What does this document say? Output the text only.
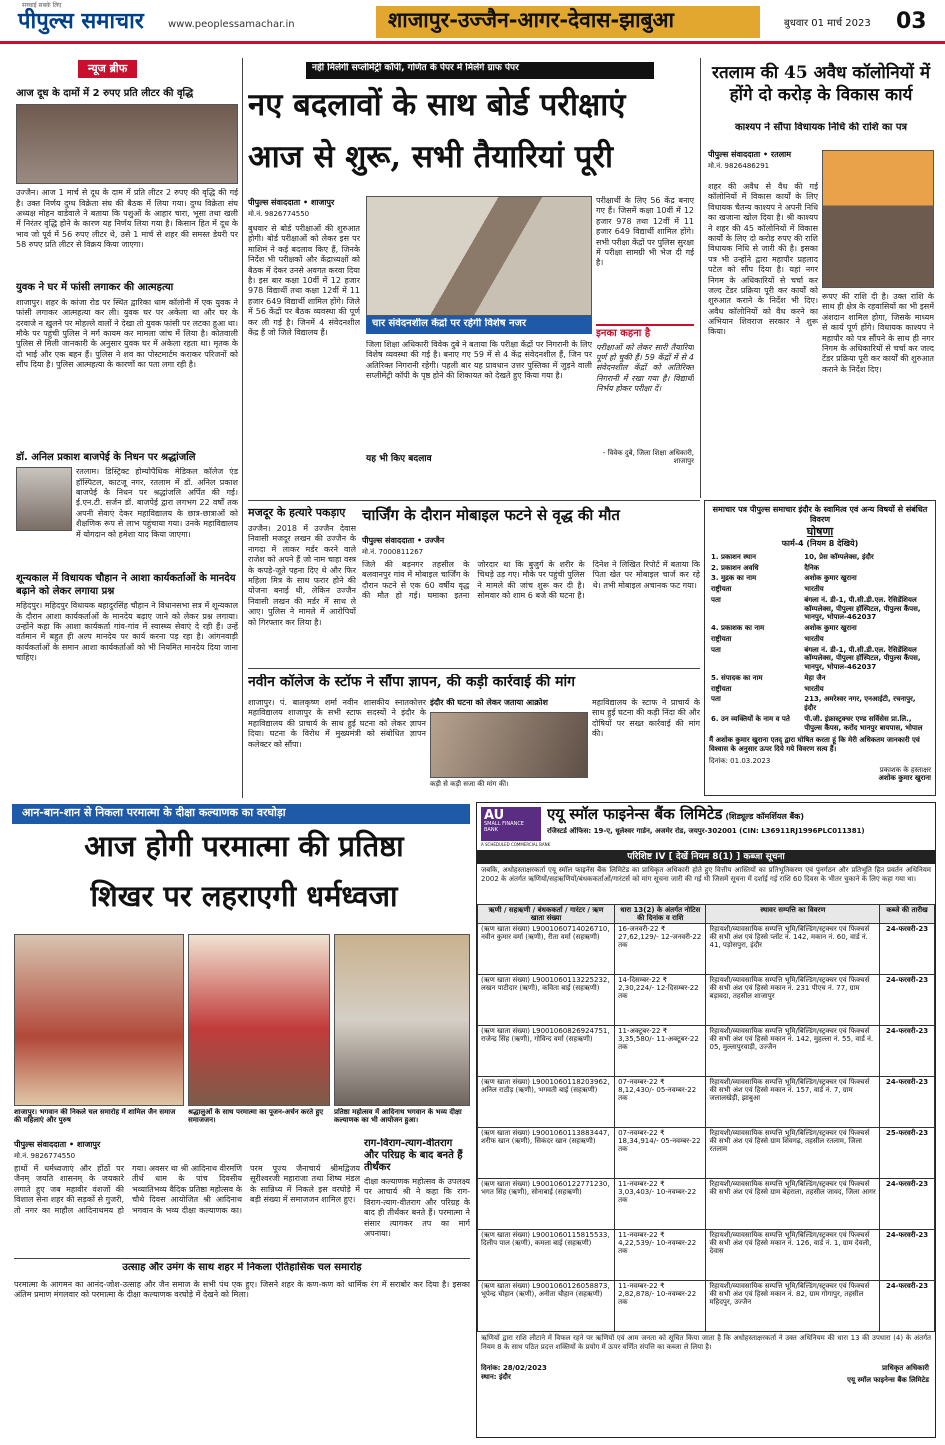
सच्चाई सबके लिए
पीपुल्स समाचार www.peoplessamachar.in	शाजापुर-उज्जैन-आगर-देवास-झाबुआ	बुधवार 01 मार्च 2023 03
न्यूज ब्रीफ
आज दूध के दामों में 2 रुपए प्रति लीटर की वृद्धि
उज्जैन। आज 1 मार्च से दूध के दाम में प्रति लीटर 2 रुपए की वृद्धि की गई है। उक्त निर्णय दुग्ध विक्रेता संघ की बैठक में लिया गया। दुग्ध विक्रेता संघ अध्यक्ष मोहन वाडेवाले ने बताया कि पशुओं के आहार चारा, भूसा तथा खली में निरंतर वृद्धि होने के कारण यह निर्णय लिया गया है। किसान हित में दूध के भाव जो पूर्व में 56 रुपए लीटर थे, उसे 1 मार्च से शहर की समस्त डेयरी पर 58 रुपए प्रति लीटर से विक्रय किया जाएगा।
युवक ने घर में फांसी लगाकर की आत्महत्या
शाजापुर। शहर के कांजा रोड पर स्थित द्वारिका धाम कॉलोनी में एक युवक ने फांसी लगाकर आत्महत्या कर ली। युवक घर पर अकेला था और घर के दरवाजे न खुलने पर मोहल्ले वालों ने देखा तो युवक फांसी पर लटका हुआ था। मौके पर पहुंची पुलिस ने मर्ग कायम कर मामला जांच में लिया है। कोतवाली पुलिस से मिली जानकारी के अनुसार युवक घर में अकेला रहता था। मृतक के दो भाई और एक बहन हैं। पुलिस ने शव का पोस्टमार्टम कराकर परिजनों को सौंप दिया है। पुलिस आत्महत्या के कारणों का पता लगा रही है।
डॉ. अनिल प्रकाश बाजपेई के निधन पर श्रद्धांजलि
रतलाम। डिस्ट्रिक्ट होम्योपैथिक मेडिकल कॉलेज एंड हॉस्पिटल, काटजू नगर, रतलाम में डॉ. अनिल प्रकाश बाजपेई के निधन पर श्रद्धांजलि अर्पित की गई। ई.एन.टी. सर्जन डॉ. बाजपेई द्वारा लगभग 22 वर्षों तक अपनी सेवाएं देकर महाविद्यालय के छात्र-छात्राओं को शैक्षणिक रूप से लाभ पहुंचाया गया। उनके महाविद्यालय में योगदान को हमेशा याद किया जाएगा।
शून्यकाल में विधायक चौहान ने आशा कार्यकर्ताओं के मानदेय बढ़ाने को लेकर लगाया प्रश्न
महिदपुर। महिदपुर विधायक बहादुरसिंह चौहान ने विधानसभा सत्र में शून्यकाल के दौरान आशा कार्यकर्ताओं के मानदेय बढ़ाए जाने को लेकर प्रश्न लगाया। उन्होंने कहा कि आशा कार्यकर्ता गांव-गांव में स्वास्थ्य सेवाएं दे रही हैं। उन्हें वर्तमान में बहुत ही अल्प मानदेय पर कार्य करना पड़ रहा है। आंगनवाड़ी कार्यकर्ताओं के समान आशा कार्यकर्ताओं को भी नियमित मानदेय दिया जाना चाहिए।
नहीं मिलेगी सप्लीमेंट्री कॉपी, गणित के पेपर में मिलेंगे ग्राफ पेपर
नए बदलावों के साथ बोर्ड परीक्षाएं
आज से शुरू, सभी तैयारियां पूरी
पीपुल्स संवाददाता • शाजापुर
मो.नं. 9826774550
बुधवार से बोर्ड परीक्षाओं की शुरुआत होगी। बोर्ड परीक्षाओं को लेकर इस पर माशिमं ने कई बदलाव किए हैं, जिनके निर्देश भी परीक्षकों और केंद्राध्यक्षों को बैठक में देकर उनसे अवगत करवा दिया है। इस बार कक्षा 10वीं में 12 हजार 978 विद्यार्थी तथा कक्षा 12वीं में 11 हजार 649 विद्यार्थी शामिल होंगे। जिले में 56 केंद्रों पर बैठक व्यवस्था की पूर्ण कर ली गई है। जिनमें 4 संवेदनशील केंद्र हैं जो जिले विद्यालय हैं।
चार संवेदनशील केंद्रों पर रहेगी विशेष नजर
जिला शिक्षा अधिकारी विवेक दुबे ने बताया कि परीक्षा केंद्रों पर निगरानी के लिए विशेष व्यवस्था की गई है। बनाए गए 59 में से 4 केंद्र संवेदनशील हैं, जिन पर अतिरिक्त निगरानी रहेगी। पहली बार यह प्रावधान उत्तर पुस्तिका में जुड़ने वाली सप्लीमेंट्री कॉपी के पृष्ठ होने की शिकायत को देखते हुए किया गया है।
यह भी किए बदलाव
परीक्षार्थी के लिए 56 केंद्र बनाए गए हैं। जिसमें कक्षा 10वीं में 12 हजार 978 तथा 12वीं में 11 हजार 649 विद्यार्थी शामिल होंगे। सभी परीक्षा केंद्रों पर पुलिस सुरक्षा में परीक्षा सामग्री भी भेज दी गई है।
इनका कहना है
परीक्षाओं को लेकर सारी तैयारियां पूर्ण हो चुकी हैं। 59 केंद्रों में से 4 संवेदनशील केंद्रों को अतिरिक्त निगरानी में रखा गया है। विद्यार्थी निर्भय होकर परीक्षा दें।
- विवेक दुबे, जिला शिक्षा अधिकारी, शाजापुर
रतलाम की 45 अवैध कॉलोनियों में होंगे दो करोड़ के विकास कार्य
काश्यप ने सौंपा विधायक निधि की राशि का पत्र
पीपुल्स संवाददाता • रतलाम
मो.नं. 9826486291
शहर की अवैध से वैध की गई कॉलोनियों में विकास कार्यों के लिए विधायक चैतन्य काश्यप ने अपनी निधि का खजाना खोल दिया है। श्री काश्यप ने शहर की 45 कॉलोनियों में विकास कार्यों के लिए दो करोड़ रुपए की राशि विधायक निधि से जारी की है। इसका पत्र भी उन्होंने द्वारा महापौर प्रहलाद पटेल को सौंप दिया है। यहां नगर निगम के अधिकारियों से चर्चा कर जल्द टेंडर प्रक्रिया पूरी कर कार्यों को शुरुआत कराने के निर्देश भी दिए। अवैध कॉलोनियों को वैध करने का अभियान शिवराज सरकार ने शुरू किया।
रूपए की राशि दी है। उक्त राशि के साथ ही क्षेत्र के रहवासियों का भी इसमें अंशदान शामिल होगा, जिसके माध्यम से कार्य पूर्ण होंगे। विधायक काश्यप ने महापौर को पत्र सौंपने के साथ ही नगर निगम के अधिकारियों से चर्चा कर जल्द टेंडर प्रक्रिया पूरी कर कार्यों की शुरुआत कराने के निर्देश दिए।
मजदूर के हत्यारे पकड़ाए
उज्जैन। 2018 में उज्जैन देवास निवासी मजदूर लखन की उज्जैन के नागदा में लाकर मर्डर करने वाले राजेश को अपने हैं जो नाम चाहा वस्त्र के कपड़े-जूते पहना दिए थे और फिर महिला मित्र के साथ फरार होने की योजना बनाई थी, लेकिन उज्जैन निवासी लखन की मर्डर में साथ ले आए। पुलिस ने मामले में आरोपियों को गिरफ्तार कर लिया है।
चार्जिंग के दौरान मोबाइल फटने से वृद्ध की मौत
पीपुल्स संवाददाता • उज्जैन
मो.नं. 7000811267
जिले की बड़नगर तहसील के बलवानपुर गांव में मोबाइल चार्जिंग के दौरान फटने से एक 60 वर्षीय वृद्ध की मौत हो गई। घमाका इतना जोरदार था कि बुजुर्ग के शरीर के चिथड़े उड़ गए। मौके पर पहुंची पुलिस ने मामले की जांच शुरू कर दी है। सोमवार को शाम 6 बजे की घटना है। दिनेश ने लिखित रिपोर्ट में बताया कि पिता खेत पर मोबाइल चार्ज कर रहे थे। तभी मोबाइल अचानक फट गया।
नवीन कॉलेज के स्टॉफ ने सौंपा ज्ञापन, की कड़ी कार्रवाई की मांग
शाजापुर। पं. बालकृष्ण शर्मा नवीन शासकीय स्नातकोत्तर महाविद्यालय शाजापुर के सभी स्टाफ सदस्यों ने इंदौर के महाविद्यालय की प्राचार्य के साथ हुई घटना को लेकर ज्ञापन दिया। घटना के विरोध में मुख्यमंत्री को संबोधित ज्ञापन कलेक्टर को सौंपा।
इंदौर की घटना को लेकर जताया आक्रोश
कड़ी से कड़ी सजा की मांग की।
महाविद्यालय के स्टाफ ने प्राचार्य के साथ हुई घटना की कड़ी निंदा की और दोषियों पर सख्त कार्रवाई की मांग की।
समाचार पत्र पीपुल्स समाचार इंदौर के स्वामित्व एवं अन्य विषयों से संबंधित विवरण
घोषणा
फार्म-4 (नियम 8 देखिये)
1. प्रकाशन स्थान	10, प्रेस कॉम्पलेक्स, इंदौर
2. प्रकाशन अवधि	दैनिक
3. मुद्रक का नाम	अशोक कुमार खुराना
राष्ट्रीयता	भारतीय
पता	बंगला नं. डी-1, पी.सी.डी.एल. रेसिडेंशियल कॉम्पलेक्स, पीपुल्स हॉस्पिटल, पीपुल्स कैंपस, भानपुर, भोपाल-462037
4. प्रकाशक का नाम	अशोक कुमार खुराना
राष्ट्रीयता	भारतीय
पता	बंगला नं. डी-1, पी.सी.डी.एल. रेसिडेंशियल कॉम्पलेक्स, पीपुल्स हॉस्पिटल, पीपुल्स कैंपस, भानपुर, भोपाल-462037
5. संपादक का नाम	मेहा जैन
राष्ट्रीयता	भारतीय
पता	213, अमरेश्वर नगर, एनआईटी, रचनापुर, इंदौर
6. उन व्यक्तियों के नाम व पते	पी.जी. इंफ्रास्ट्रक्चर एण्ड सर्विसेस प्रा.लि., पीपुल्स कैंपस, करोंद भानपुर बायपास, भोपाल
मैं अशोक कुमार खुराना एतद् द्वारा घोषित करता हूं कि मेरी अधिकतम जानकारी एवं विश्वास के अनुसार ऊपर दिये गये विवरण सत्य हैं।
दिनांक: 01.03.2023
प्रकाशक के हस्ताक्षर
अशोक कुमार खुराना
आन-बान-शान से निकला परमात्मा के दीक्षा कल्याणक का वरघोड़ा
आज होगी परमात्मा की प्रतिष्ठा
शिखर पर लहराएगी धर्मध्वजा
शाजापुर। भगवान की निकले चल समारोह में शामिल जैन समाज की महिलाएं और पुरुष
श्रद्धालुओं के साथ परमात्मा का पूजन-अर्चन करते हुए समाजजन।
प्रतिष्ठा महोत्सव में आदिनाथ भगवान के भव्य दीक्षा कल्याणक का भी आयोजन हुआ।
पीपुल्स संवाददाता • शाजापुर
मो.नं. 9826774550
हाथों में धर्मध्वजाएं और होंठों पर जैनम् जयति शासनम् के जयकारे लगाते हुए जब महावीर वंशजों की विशाल सेना शहर की सड़कों से गुजरी, तो नगर का माहौल आदिनाथमय हो गया। अवसर था श्री आदिनाथ वीरमणि तीर्थ धाम के पांच दिवसीय भव्यातिभव्य वैदिक प्रतिष्ठा महोत्सव के चौथे दिवस आयोजित श्री आदिनाथ भगवान के भव्य दीक्षा कल्याणक का। परम पूज्य जैनाचार्य श्रीमद्विजय सूरीश्वरजी महाराजा तथा शिष्य मंडल के सान्निध्य में निकले इस वरघोड़े में बड़ी संख्या में समाजजन शामिल हुए।
राग-विराग-त्याग-वीतराग और परिग्रह के बाद बनते हैं तीर्थंकर
दीक्षा कल्याणक महोत्सव के उपलक्ष्य पर आचार्य श्री ने कहा कि राग-विराग-त्याग-वीतराग और परिग्रह के बाद ही तीर्थंकर बनते हैं। परमात्मा ने संसार त्यागकर तप का मार्ग अपनाया।
उत्साह और उमंग के साथ शहर में निकला ऐतिहासिक चल समारोह
परमात्मा के आगमन का आनंद-जोश-उत्साह और जैन समाज के सभी पंथ एक हुए। जिसने शहर के कण-कण को धार्मिक रंग में सराबोर कर दिया है। इसका अंतिम प्रमाण मंगलवार को परमात्मा के दीक्षा कल्याणक वरघोड़े में देखने को मिला।
AU
SMALL FINANCE BANK
A SCHEDULED COMMERCIAL BANK
एयू स्मॉल फाइनेन्स बैंक लिमिटेड (शिड्यूल्ड कॉमर्शियल बैंक)
रजिस्टर्ड ऑफिस: 19-ए, धूलेश्वर गार्डन, अजमेर रोड, जयपुर-302001 (CIN: L36911RJ1996PLC011381)
परिशिष्ट IV [ देखें नियम 8(1) ] कब्जा सूचना
जबकि, अधोहस्ताक्षरकर्ता एयू स्मॉल फाइनेंस बैंक लिमिटेड का प्राधिकृत अधिकारी होते हुए वित्तीय आस्तियों का प्रतिभूतिकरण एवं पुनर्गठन और प्रतिभूति हित प्रवर्तन अधिनियम 2002 के अंतर्गत ऋणियों/सहऋणियों/बंधककर्ताओं/गारंटर्स को मांग सूचना जारी की गई थी जिसमें सूचना में दर्शाई गई राशि 60 दिवस के भीतर चुकाने के लिए कहा गया था।
ऋणी / सहऋणी / बंधककर्ता / गारंटर / ऋण खाता संख्या	धारा 13(2) के अंतर्गत नोटिस की दिनांक व राशि	स्थावर सम्पत्ति का विवरण	कब्जे की तारीख
(ऋण खाता संख्या) L9001060714026710, नवीन कुमार वर्मा (ऋणी), रीता वर्मा (सहऋणी)	16-जनवरी-22 ₹ 27,62,129/- 12-जनवरी-22 तक	रिहायशी/व्यावसायिक सम्पत्ति भूमि/बिल्डिंग/स्ट्रक्चर एवं फिक्चर्स की सभी अंश एवं हिस्से प्लॉट नं. 142, मकान नं. 60, वार्ड नं. 41, पड़ोसपुरा, इंदौर	24-फरवरी-23
(ऋण खाता संख्या) L9001060113225232, लखन पाटीदार (ऋणी), कविता बाई (सहऋणी)	14-दिसम्बर-22 ₹ 2,30,224/- 12-दिसम्बर-22 तक	रिहायशी/व्यावसायिक सम्पत्ति भूमि/बिल्डिंग/स्ट्रक्चर एवं फिक्चर्स की सभी अंश एवं हिस्से मकान नं. 231 पीएच नं. 77, ग्राम बड़ावदा, तहसील शाजापुर	24-फरवरी-23
(ऋण खाता संख्या) L9001060826924751, राजेन्द्र सिंह (ऋणी), गोविन्द वर्मा (सहऋणी)	11-अक्टूबर-22 ₹ 3,35,580/- 11-अक्टूबर-22 तक	रिहायशी/व्यावसायिक सम्पत्ति भूमि/बिल्डिंग/स्ट्रक्चर एवं फिक्चर्स की सभी अंश एवं हिस्से मकान नं. 142, मुहल्ला नं. 55, वार्ड नं. 05, मुल्लापुरवाड़ी, उज्जैन	24-फरवरी-23
(ऋण खाता संख्या) L9001060118203962, अनिल राठौड़ (ऋणी), भगवती बाई (सहऋणी)	07-नवम्बर-22 ₹ 8,12,430/- 05-नवम्बर-22 तक	रिहायशी/व्यावसायिक सम्पत्ति भूमि/बिल्डिंग/स्ट्रक्चर एवं फिक्चर्स की सभी अंश एवं हिस्से मकान नं. 157, वार्ड नं. 7, ग्राम जलालखेड़ी, झाबुआ	24-फरवरी-23
(ऋण खाता संख्या) L9001060113883447, शरीफ खान (ऋणी), सिकंदर खान (सहऋणी)	07-नवम्बर-22 ₹ 18,34,914/- 05-नवम्बर-22 तक	रिहायशी/व्यावसायिक सम्पत्ति भूमि/बिल्डिंग/स्ट्रक्चर एवं फिक्चर्स की सभी अंश एवं हिस्से ग्राम शिवगढ़, तहसील रतलाम, जिला रतलाम	25-फरवरी-23
(ऋण खाता संख्या) L9001060122771230, भगत सिंह (ऋणी), सोनाबाई (सहऋणी)	11-नवम्बर-22 ₹ 3,03,403/- 10-नवम्बर-22 तक	रिहायशी/व्यावसायिक सम्पत्ति भूमि/बिल्डिंग/स्ट्रक्चर एवं फिक्चर्स की सभी अंश एवं हिस्से ग्राम बेहराला, तहसील जावद, जिला आगर	24-फरवरी-23
(ऋण खाता संख्या) L9001060115815533, दिलीप पाल (ऋणी), कमला बाई (सहऋणी)	11-नवम्बर-22 ₹ 4,22,539/- 10-नवम्बर-22 तक	रिहायशी/व्यावसायिक सम्पत्ति भूमि/बिल्डिंग/स्ट्रक्चर एवं फिक्चर्स की सभी अंश एवं हिस्से मकान नं. 126, वार्ड नं. 1, ग्राम देवली, देवास	24-फरवरी-23
(ऋण खाता संख्या) L9001060126058873, भूपेन्द्र चौहान (ऋणी), अनीता चौहान (सहऋणी)	11-नवम्बर-22 ₹ 2,82,878/- 10-नवम्बर-22 तक	रिहायशी/व्यावसायिक सम्पत्ति भूमि/बिल्डिंग/स्ट्रक्चर एवं फिक्चर्स की सभी अंश एवं हिस्से मकान नं. 82, ग्राम गोगापुर, तहसील महिदपुर, उज्जैन	24-फरवरी-23
ऋणियों द्वारा राशि लौटाने में विफल रहने पर ऋणियों एवं आम जनता को सूचित किया जाता है कि अधोहस्ताक्षरकर्ता ने उक्त अधिनियम की धारा 13 की उपधारा (4) के अंतर्गत नियम 8 के साथ पठित प्रदत्त शक्तियों के प्रयोग में ऊपर वर्णित संपत्ति का कब्जा ले लिया है।
दिनांक: 28/02/2023
स्थान: इंदौर
प्राधिकृत अधिकारी
एयू स्मॉल फाइनेन्स बैंक लिमिटेड
